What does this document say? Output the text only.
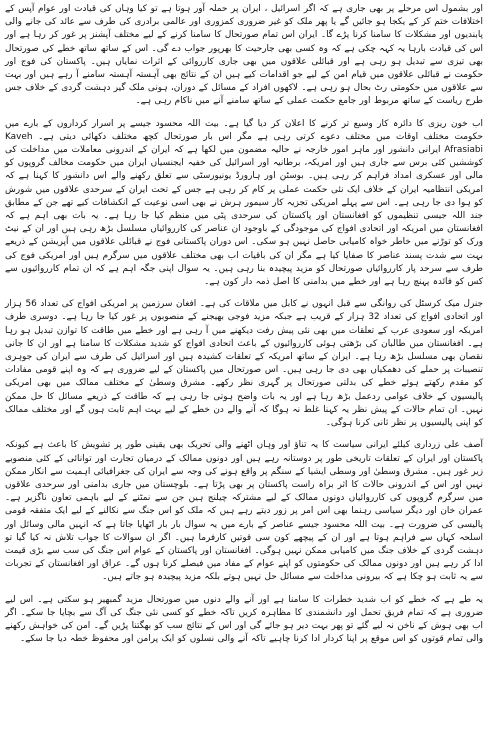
اور بشمول اس مرحلے پر بھی جاری ہے کہ اگر اسرائیل ، ایران پر حملہ آور ہوتا ہے تو کیا وہاں کی قیادت اور عوام آپس کے اختلافات ختم کر کے یکجا ہو جائیں گے یا پھر ملک کو غیر ضروری کمزوری اور عالمی برادری کی طرف سے عائد کی جانے والی پابندیوں اور مشکلات کا سامنا کرنا پڑے گا۔ ایران اس تمام صورتحال کا سامنا کرنے کے لیے مختلف آپشنز پر غور کر رہا ہے اور اس کی قیادت بارہا یہ کہہ چکی ہے کہ وہ کسی بھی جارحیت کا بھرپور جواب دے گی۔ اس کے ساتھ ساتھ خطے کی صورتحال بھی تیزی سے تبدیل ہو رہی ہے اور قبائلی علاقوں میں بھی جاری کارروائی کے اثرات نمایاں ہیں۔ پاکستان کی فوج اور حکومت نے قبائلی علاقوں میں قیام امن کے لیے جو اقدامات کیے ہیں ان کے نتائج بھی آہستہ آہستہ سامنے آ رہے ہیں اور بہت سے علاقوں میں حکومتی رٹ بحال ہو رہی ہے۔ لاکھوں افراد کے مسائل کے دوران، ہونی ملک گیر دہشت گردی کے خلاف جس طرح ریاست کے ساتھ مربوط اور جامع حکمت عملی کے ساتھ سامنے آنے میں ناکام رہی ہے۔

اب خون ریزی کا دائرہ کار وسیع تر کرنے کا اعلان کر دیا گیا ہے۔ بیت اللہ محسود جیسے پر اسرار کرداروں کے بارے میں حکومت مختلف اوقات میں مختلف دعوے کرتی رہی ہے مگر اس بار صورتحال کچھ مختلف دکھائی دیتی ہے۔ Kaveh Afrasiabi ایرانی دانشور اور ماہر امور خارجہ نے حالیہ مضمون میں لکھا ہے کہ ایران کے اندرونی معاملات میں مداخلت کی کوششیں کئی برس سے جاری ہیں اور امریکہ، برطانیہ اور اسرائیل کی خفیہ ایجنسیاں ایران میں حکومت مخالف گروپوں کو مالی اور عسکری امداد فراہم کر رہی ہیں۔ بوسٹن اور ہارورڈ یونیورسٹی سے تعلق رکھنے والے اس دانشور کا کہنا ہے کہ امریکی انتظامیہ ایران کے خلاف ایک نئی حکمت عملی پر کام کر رہی ہے جس کے تحت ایران کے سرحدی علاقوں میں شورش کو ہوا دی جا رہی ہے۔ اس سے پہلے امریکی تجزیہ کار سیمور ہرش نے بھی اسی نوعیت کے انکشافات کیے تھے جن کے مطابق جند اللہ جیسی تنظیموں کو افغانستان اور پاکستان کی سرحدی پٹی میں منظم کیا جا رہا ہے۔ یہ بات بھی اہم ہے کہ افغانستان میں امریکہ اور اتحادی افواج کی موجودگی کے باوجود ان عناصر کی کارروائیاں مسلسل بڑھ رہی ہیں اور ان کے نیٹ ورک کو توڑنے میں خاطر خواہ کامیابی حاصل نہیں ہو سکی۔ اس دوران پاکستانی فوج نے قبائلی علاقوں میں آپریشن کے ذریعے بہت سے شدت پسند عناصر کا صفایا کیا ہے مگر ان کی باقیات اب بھی مختلف علاقوں میں سرگرم ہیں اور امریکی فوج کی طرف سے سرحد پار کارروائیاں صورتحال کو مزید پیچیدہ بنا رہی ہیں۔ یہ سوال اپنی جگہ اہم ہے کہ ان تمام کارروائیوں سے کس کو فائدہ پہنچ رہا ہے اور خطے میں بدامنی کا اصل ذمہ دار کون ہے۔

جنرل میک کرسٹل کی روانگی سے قبل انہوں نے کابل میں ملاقات کی ہے۔ افغان سرزمین پر امریکی افواج کی تعداد 56 ہزار اور اتحادی افواج کی تعداد 32 ہزار کے قریب ہے جبکہ مزید فوجی بھیجنے کے منصوبوں پر غور کیا جا رہا ہے۔ دوسری طرف امریکہ اور سعودی عرب کے تعلقات میں بھی نئی پیش رفت دیکھنے میں آ رہی ہے اور خطے میں طاقت کا توازن تبدیل ہو رہا ہے۔ افغانستان میں طالبان کی بڑھتی ہوئی کارروائیوں کے باعث اتحادی افواج کو شدید مشکلات کا سامنا ہے اور ان کا جانی نقصان بھی مسلسل بڑھ رہا ہے۔ ایران کے ساتھ امریکہ کے تعلقات کشیدہ ہیں اور اسرائیل کی طرف سے ایران کی جوہری تنصیبات پر حملے کی دھمکیاں بھی دی جا رہی ہیں۔ اس صورتحال میں پاکستان کے لیے ضروری ہے کہ وہ اپنے قومی مفادات کو مقدم رکھتے ہوئے خطے کی بدلتی صورتحال پر گہری نظر رکھے۔ مشرق وسطیٰ کے مختلف ممالک میں بھی امریکی پالیسیوں کے خلاف عوامی ردعمل بڑھ رہا ہے اور یہ بات واضح ہوتی جا رہی ہے کہ طاقت کے ذریعے مسائل کا حل ممکن نہیں۔ ان تمام حالات کے پیش نظر یہ کہنا غلط نہ ہوگا کہ آنے والے دن خطے کے لیے بہت اہم ثابت ہوں گے اور مختلف ممالک کو اپنی پالیسیوں پر نظر ثانی کرنا ہوگی۔

آصف علی زرداری کیلئے ایرانی سیاست کا یہ تناؤ اور وہاں اٹھنے والی تحریک بھی یقینی طور پر تشویش کا باعث ہے کیونکہ پاکستان اور ایران کے تعلقات تاریخی طور پر دوستانہ رہے ہیں اور دونوں ممالک کے درمیان تجارت اور توانائی کے کئی منصوبے زیر غور ہیں۔ مشرق وسطیٰ اور وسطی ایشیا کے سنگم پر واقع ہونے کی وجہ سے ایران کی جغرافیائی اہمیت سے انکار ممکن نہیں اور اس کے اندرونی حالات کا اثر براہ راست پاکستان پر بھی پڑتا ہے۔ بلوچستان میں جاری بدامنی اور سرحدی علاقوں میں سرگرم گروپوں کی کارروائیاں دونوں ممالک کے لیے مشترکہ چیلنج ہیں جن سے نمٹنے کے لیے باہمی تعاون ناگزیر ہے۔ عمران خان اور دیگر سیاسی رہنما بھی اس امر پر زور دیتے رہے ہیں کہ ملک کو اس جنگ سے نکالنے کے لیے ایک متفقہ قومی پالیسی کی ضرورت ہے۔ بیت اللہ محسود جیسے عناصر کے بارے میں یہ سوال بار بار اٹھایا جاتا ہے کہ انہیں مالی وسائل اور اسلحہ کہاں سے فراہم ہوتا ہے اور ان کے پیچھے کون سی قوتیں کارفرما ہیں۔ اگر ان سوالات کا جواب تلاش نہ کیا گیا تو دہشت گردی کے خلاف جنگ میں کامیابی ممکن نہیں ہوگی۔ افغانستان اور پاکستان کے عوام اس جنگ کی سب سے بڑی قیمت ادا کر رہے ہیں اور دونوں ممالک کی حکومتوں کو اپنے عوام کے مفاد میں فیصلے کرنا ہوں گے۔ عراق اور افغانستان کے تجربات سے یہ ثابت ہو چکا ہے کہ بیرونی مداخلت سے مسائل حل نہیں ہوتے بلکہ مزید پیچیدہ ہو جاتے ہیں۔

یہ طے ہے کہ خطے کو اب شدید خطرات کا سامنا ہے اور آنے والے دنوں میں صورتحال مزید گمبھیر ہو سکتی ہے۔ اس لیے ضروری ہے کہ تمام فریق تحمل اور دانشمندی کا مظاہرہ کریں تاکہ خطے کو کسی نئی جنگ کی آگ سے بچایا جا سکے۔ اگر اب بھی ہوش کے ناخن نہ لیے گئے تو پھر بہت دیر ہو جائے گی اور اس کے نتائج سب کو بھگتنا پڑیں گے۔ امن کی خواہش رکھنے والی تمام قوتوں کو اس موقع پر اپنا کردار ادا کرنا چاہیے تاکہ آنے والی نسلوں کو ایک پرامن اور محفوظ خطہ دیا جا سکے۔
